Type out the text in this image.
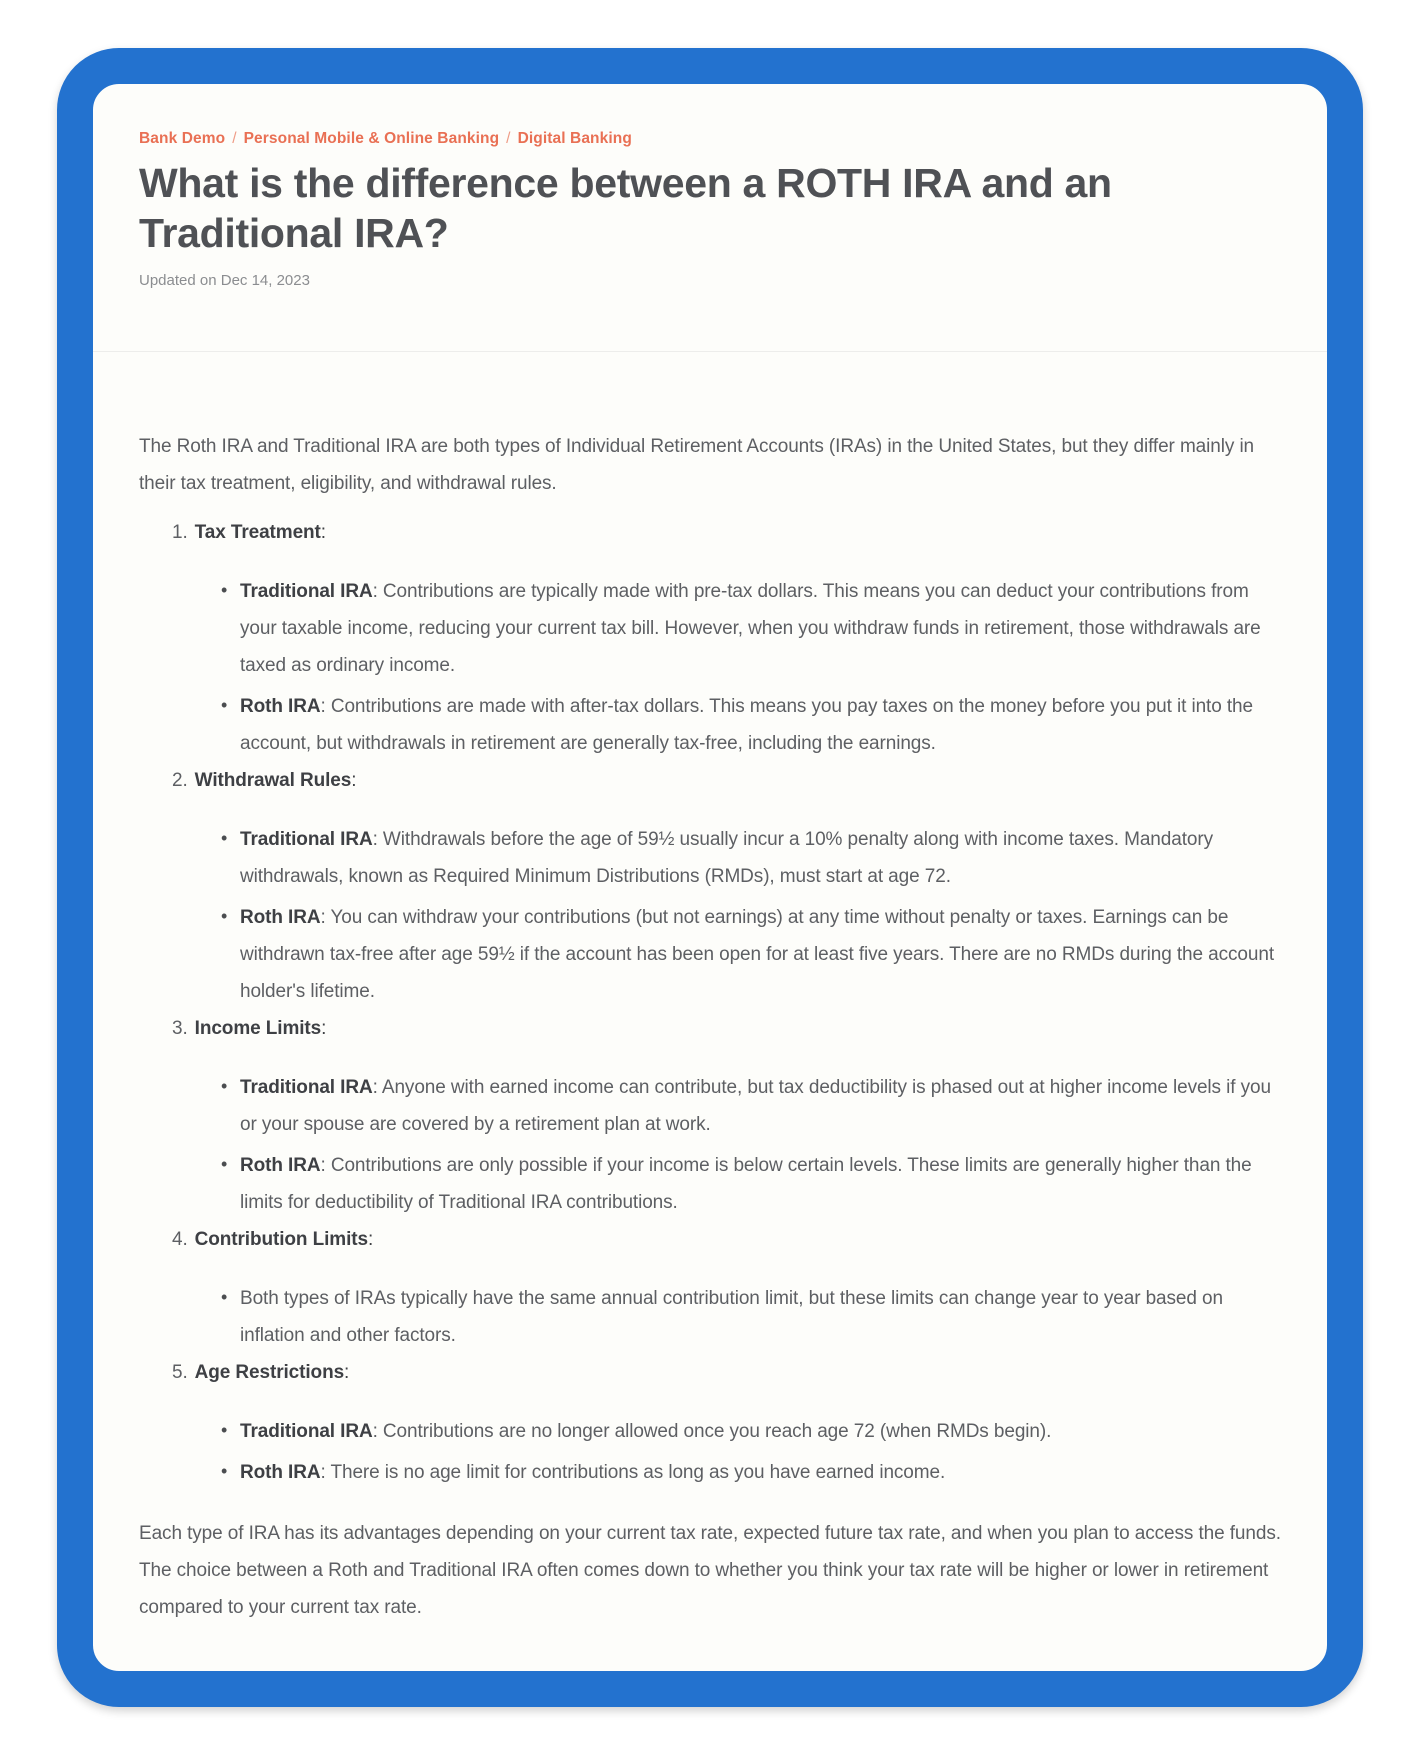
Bank Demo / Personal Mobile & Online Banking / Digital Banking
What is the difference between a ROTH IRA and an Traditional IRA?

Updated on Dec 14, 2023

The Roth IRA and Traditional IRA are both types of Individual Retirement Accounts (IRAs) in the United States, but they differ mainly in their tax treatment, eligibility, and withdrawal rules.

1. Tax Treatment:
• Traditional IRA: Contributions are typically made with pre-tax dollars. This means you can deduct your contributions from your taxable income, reducing your current tax bill. However, when you withdraw funds in retirement, those withdrawals are taxed as ordinary income.
• Roth IRA: Contributions are made with after-tax dollars. This means you pay taxes on the money before you put it into the account, but withdrawals in retirement are generally tax-free, including the earnings.
2. Withdrawal Rules:
• Traditional IRA: Withdrawals before the age of 59½ usually incur a 10% penalty along with income taxes. Mandatory withdrawals, known as Required Minimum Distributions (RMDs), must start at age 72.
• Roth IRA: You can withdraw your contributions (but not earnings) at any time without penalty or taxes. Earnings can be withdrawn tax-free after age 59½ if the account has been open for at least five years. There are no RMDs during the account holder's lifetime.
3. Income Limits:
• Traditional IRA: Anyone with earned income can contribute, but tax deductibility is phased out at higher income levels if you or your spouse are covered by a retirement plan at work.
• Roth IRA: Contributions are only possible if your income is below certain levels. These limits are generally higher than the limits for deductibility of Traditional IRA contributions.
4. Contribution Limits:
• Both types of IRAs typically have the same annual contribution limit, but these limits can change year to year based on inflation and other factors.
5. Age Restrictions:
• Traditional IRA: Contributions are no longer allowed once you reach age 72 (when RMDs begin).
• Roth IRA: There is no age limit for contributions as long as you have earned income.

Each type of IRA has its advantages depending on your current tax rate, expected future tax rate, and when you plan to access the funds. The choice between a Roth and Traditional IRA often comes down to whether you think your tax rate will be higher or lower in retirement compared to your current tax rate.
